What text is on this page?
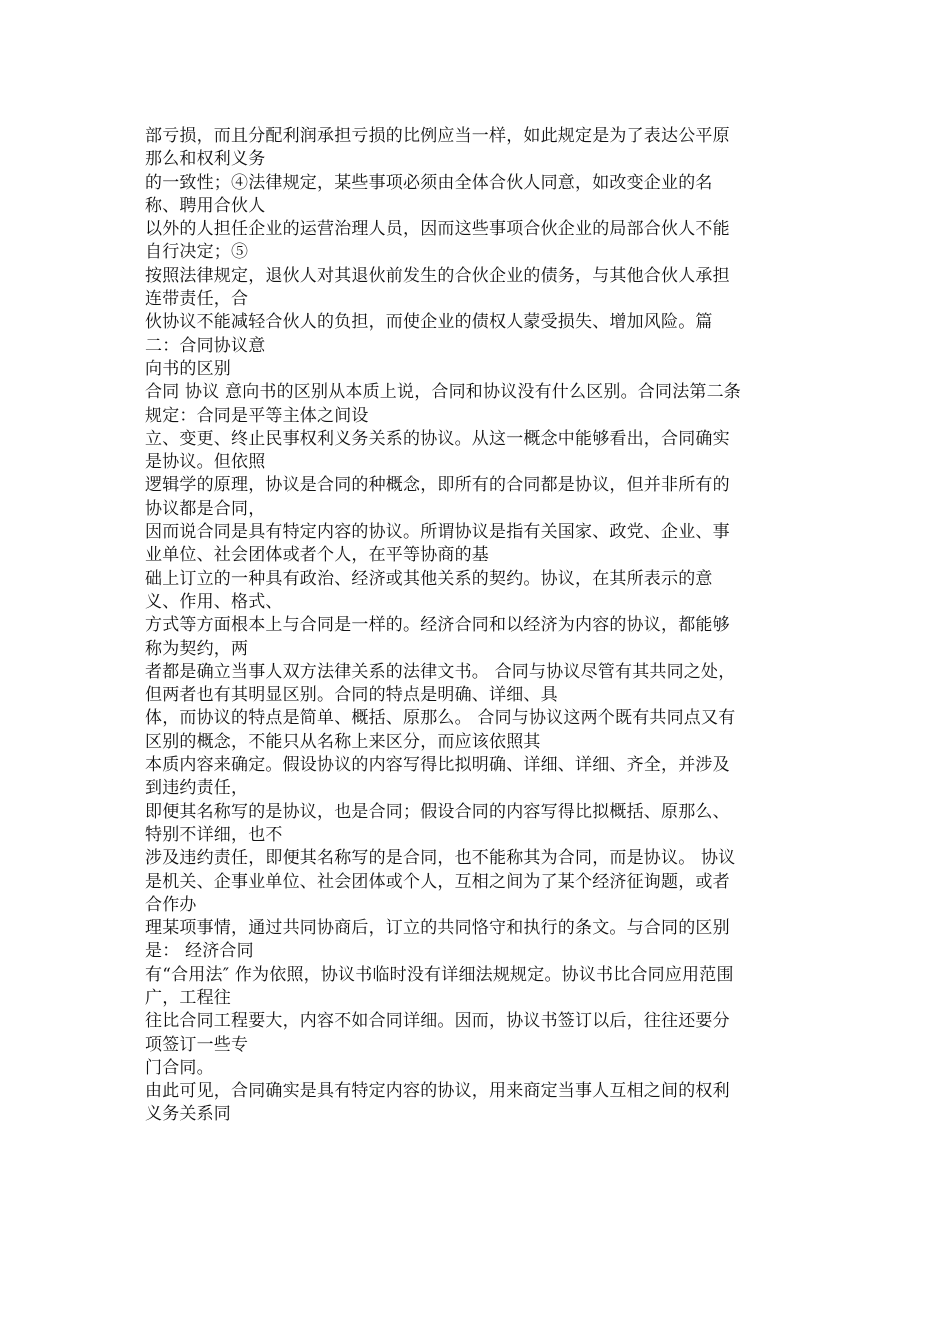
部亏损，而且分配利润承担亏损的比例应当一样，如此规定是为了表达公平原
那么和权利义务
的一致性；④法律规定，某些事项必须由全体合伙人同意，如改变企业的名
称、聘用合伙人
以外的人担任企业的运营治理人员，因而这些事项合伙企业的局部合伙人不能
自行决定；⑤
按照法律规定，退伙人对其退伙前发生的合伙企业的债务，与其他合伙人承担
连带责任，合
伙协议不能减轻合伙人的负担，而使企业的债权人蒙受损失、增加风险。篇
二：合同协议意
向书的区别
合同 协议 意向书的区别从本质上说，合同和协议没有什么区别。合同法第二条
规定：合同是平等主体之间设
立、变更、终止民事权利义务关系的协议。从这一概念中能够看出，合同确实
是协议。但依照
逻辑学的原理，协议是合同的种概念，即所有的合同都是协议，但并非所有的
协议都是合同，
因而说合同是具有特定内容的协议。所谓协议是指有关国家、政党、企业、事
业单位、社会团体或者个人，在平等协商的基
础上订立的一种具有政治、经济或其他关系的契约。协议，在其所表示的意
义、作用、格式、
方式等方面根本上与合同是一样的。经济合同和以经济为内容的协议，都能够
称为契约，两
者都是确立当事人双方法律关系的法律文书。 合同与协议尽管有其共同之处，
但两者也有其明显区别。合同的特点是明确、详细、具
体，而协议的特点是简单、概括、原那么。 合同与协议这两个既有共同点又有
区别的概念，不能只从名称上来区分，而应该依照其
本质内容来确定。假设协议的内容写得比拟明确、详细、详细、齐全，并涉及
到违约责任，
即便其名称写的是协议，也是合同；假设合同的内容写得比拟概括、原那么、
特别不详细，也不
涉及违约责任，即便其名称写的是合同，也不能称其为合同，而是协议。 协议
是机关、企事业单位、社会团体或个人，互相之间为了某个经济征询题，或者
合作办
理某项事情，通过共同协商后，订立的共同恪守和执行的条文。与合同的区别
是： 经济合同
有“合用法″ 作为依照，协议书临时没有详细法规规定。协议书比合同应用范围
广，工程往
往比合同工程要大，内容不如合同详细。因而，协议书签订以后，往往还要分
项签订一些专
门合同。
由此可见，合同确实是具有特定内容的协议，用来商定当事人互相之间的权利
义务关系同
